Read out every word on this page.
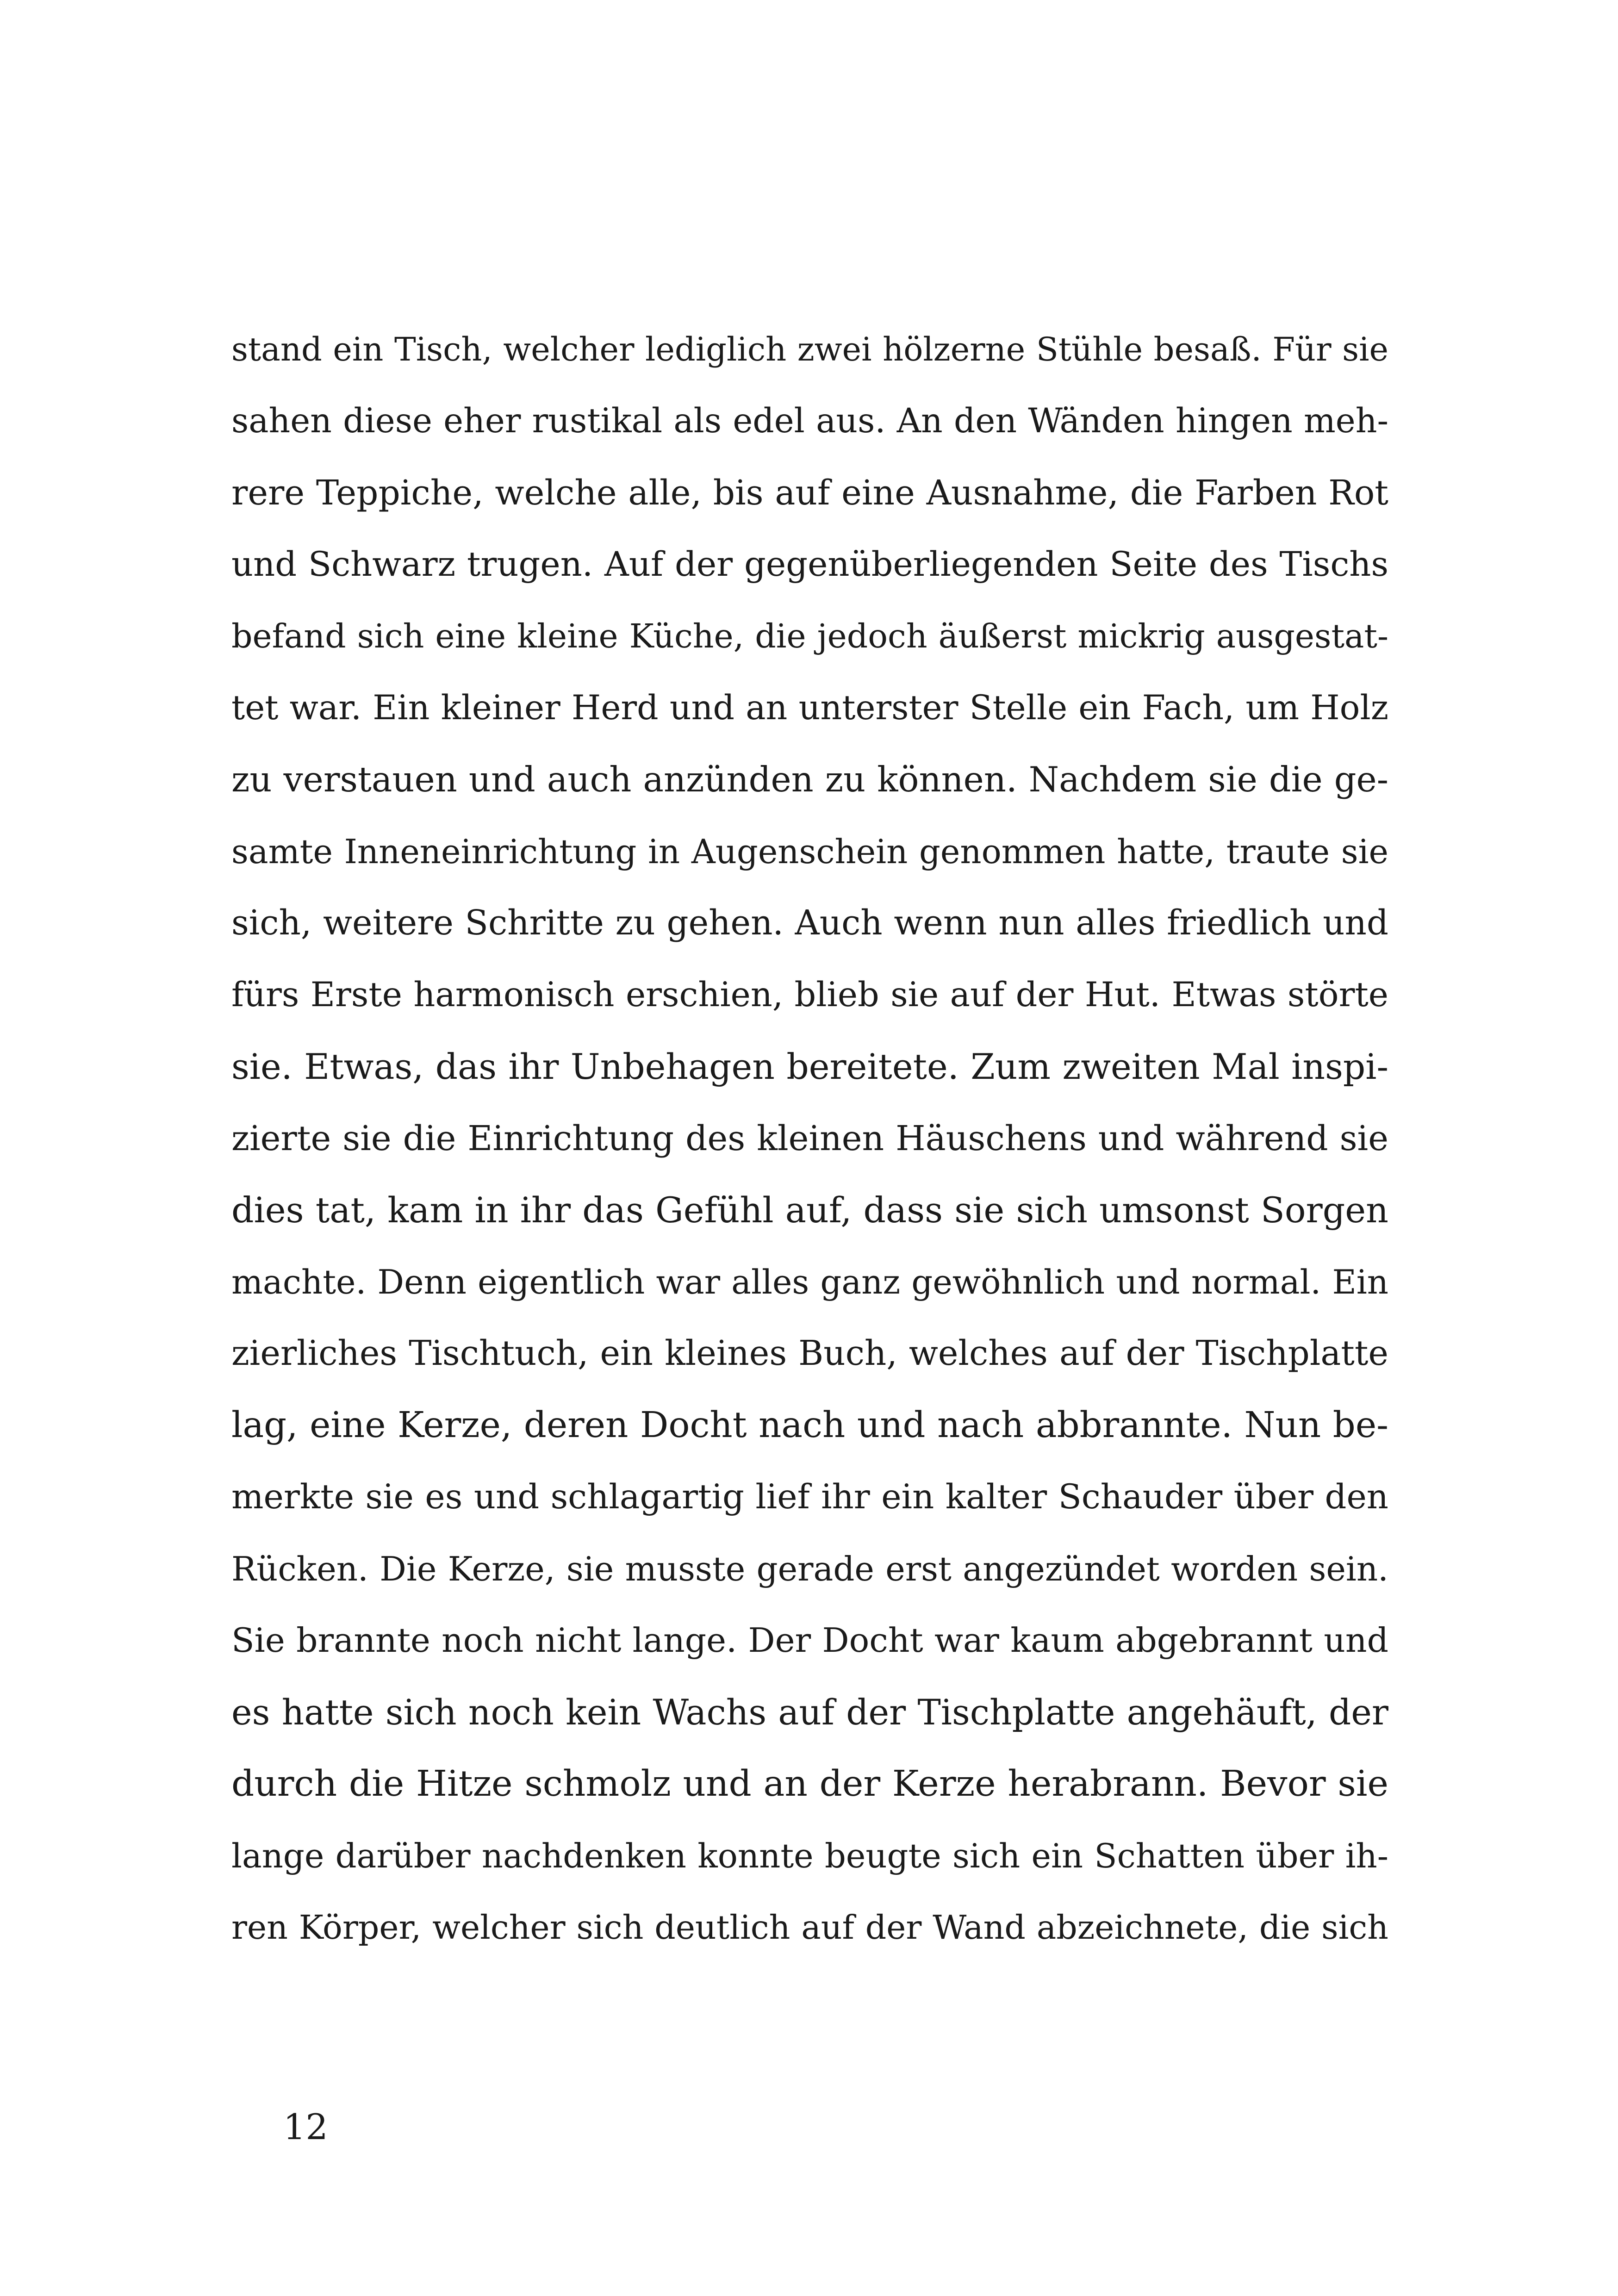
stand ein Tisch, welcher lediglich zwei hölzerne Stühle besaß. Für sie
sahen diese eher rustikal als edel aus. An den Wänden hingen meh-
rere Teppiche, welche alle, bis auf eine Ausnahme, die Farben Rot
und Schwarz trugen. Auf der gegenüberliegenden Seite des Tischs
befand sich eine kleine Küche, die jedoch äußerst mickrig ausgestat-
tet war. Ein kleiner Herd und an unterster Stelle ein Fach, um Holz
zu verstauen und auch anzünden zu können. Nachdem sie die ge-
samte Inneneinrichtung in Augenschein genommen hatte, traute sie
sich, weitere Schritte zu gehen. Auch wenn nun alles friedlich und
fürs Erste harmonisch erschien, blieb sie auf der Hut. Etwas störte
sie. Etwas, das ihr Unbehagen bereitete. Zum zweiten Mal inspi-
zierte sie die Einrichtung des kleinen Häuschens und während sie
dies tat, kam in ihr das Gefühl auf, dass sie sich umsonst Sorgen
machte. Denn eigentlich war alles ganz gewöhnlich und normal. Ein
zierliches Tischtuch, ein kleines Buch, welches auf der Tischplatte
lag, eine Kerze, deren Docht nach und nach abbrannte. Nun be-
merkte sie es und schlagartig lief ihr ein kalter Schauder über den
Rücken. Die Kerze, sie musste gerade erst angezündet worden sein.
Sie brannte noch nicht lange. Der Docht war kaum abgebrannt und
es hatte sich noch kein Wachs auf der Tischplatte angehäuft, der
durch die Hitze schmolz und an der Kerze herabrann. Bevor sie
lange darüber nachdenken konnte beugte sich ein Schatten über ih-
ren Körper, welcher sich deutlich auf der Wand abzeichnete, die sich
12
